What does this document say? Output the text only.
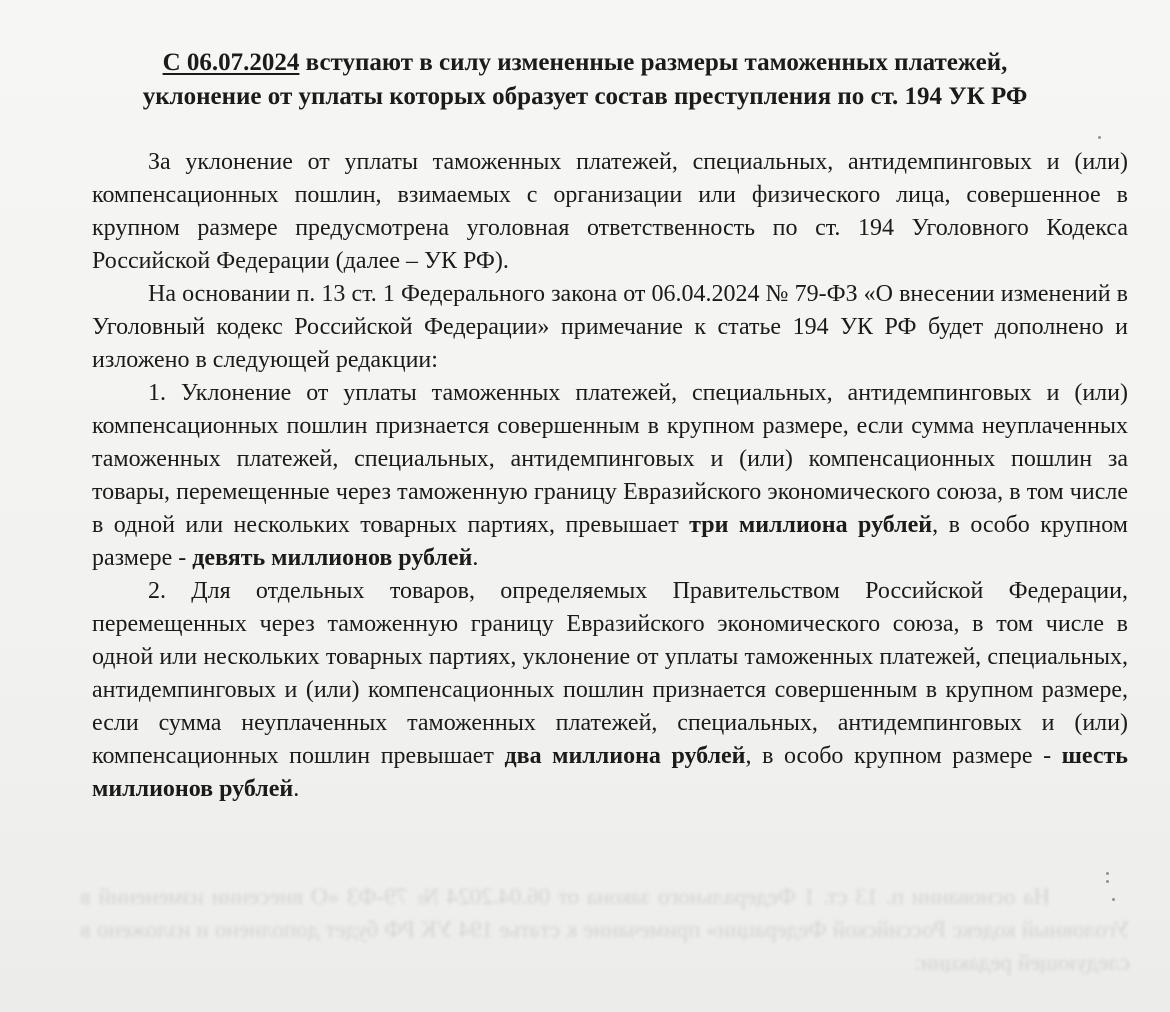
С 06.07.2024 вступают в силу измененные размеры таможенных платежей,
уклонение от уплаты которых образует состав преступления по ст. 194 УК РФ

За уклонение от уплаты таможенных платежей, специальных, антидемпинговых и (или) компенсационных пошлин, взимаемых с организации или физического лица, совершенное в крупном размере предусмотрена уголовная ответственность по ст. 194 Уголовного Кодекса Российской Федерации (далее – УК РФ).

На основании п. 13 ст. 1 Федерального закона от 06.04.2024 № 79-ФЗ «О внесении изменений в Уголовный кодекс Российской Федерации» примечание к статье 194 УК РФ будет дополнено и изложено в следующей редакции:

1. Уклонение от уплаты таможенных платежей, специальных, антидемпинговых и (или) компенсационных пошлин признается совершенным в крупном размере, если сумма неуплаченных таможенных платежей, специальных, антидемпинговых и (или) компенсационных пошлин за товары, перемещенные через таможенную границу Евразийского экономического союза, в том числе в одной или нескольких товарных партиях, превышает три миллиона рублей, в особо крупном размере - девять миллионов рублей.

2. Для отдельных товаров, определяемых Правительством Российской Федерации, перемещенных через таможенную границу Евразийского экономического союза, в том числе в одной или нескольких товарных партиях, уклонение от уплаты таможенных платежей, специальных, антидемпинговых и (или) компенсационных пошлин признается совершенным в крупном размере, если сумма неуплаченных таможенных платежей, специальных, антидемпинговых и (или) компенсационных пошлин превышает два миллиона рублей, в особо крупном размере - шесть миллионов рублей.

На основании п. 13 ст. 1 Федерального закона от 06.04.2024 № 79-ФЗ «О внесении изменений в Уголовный кодекс Российской Федерации» примечание к статье 194 УК РФ будет дополнено и изложено в следующей редакции:
